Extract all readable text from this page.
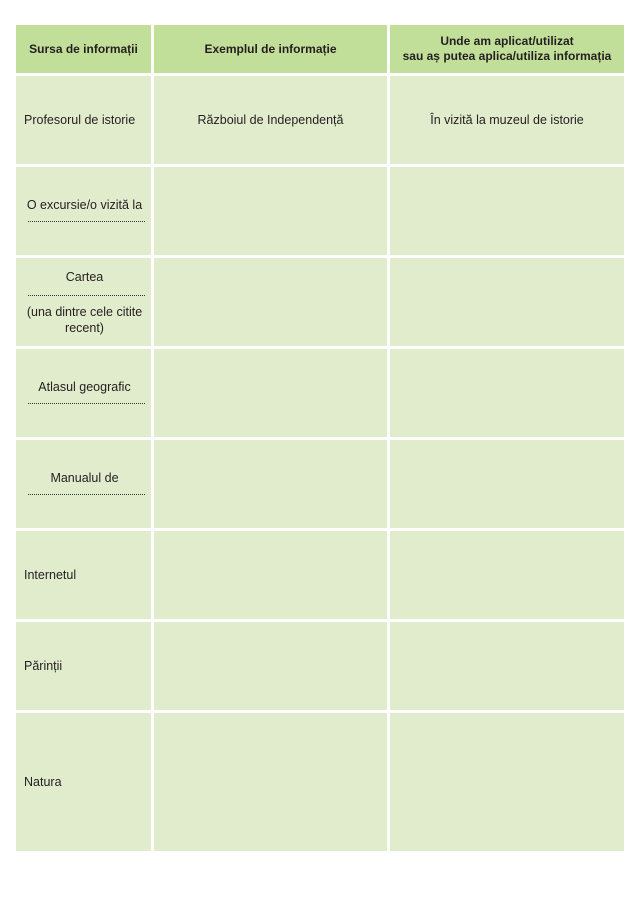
Sursa de informații	Exemplul de informație	Unde am aplicat/utilizat
sau aș putea aplica/utiliza informația

Profesorul de istorie	Războiul de Independență	În vizită la muzeul de istorie

O excursie/o vizită la		

Cartea
(una dintre cele citite recent)		

Atlasul geografic		

Manualul de		

Internetul		
Părinții		
Natura		
